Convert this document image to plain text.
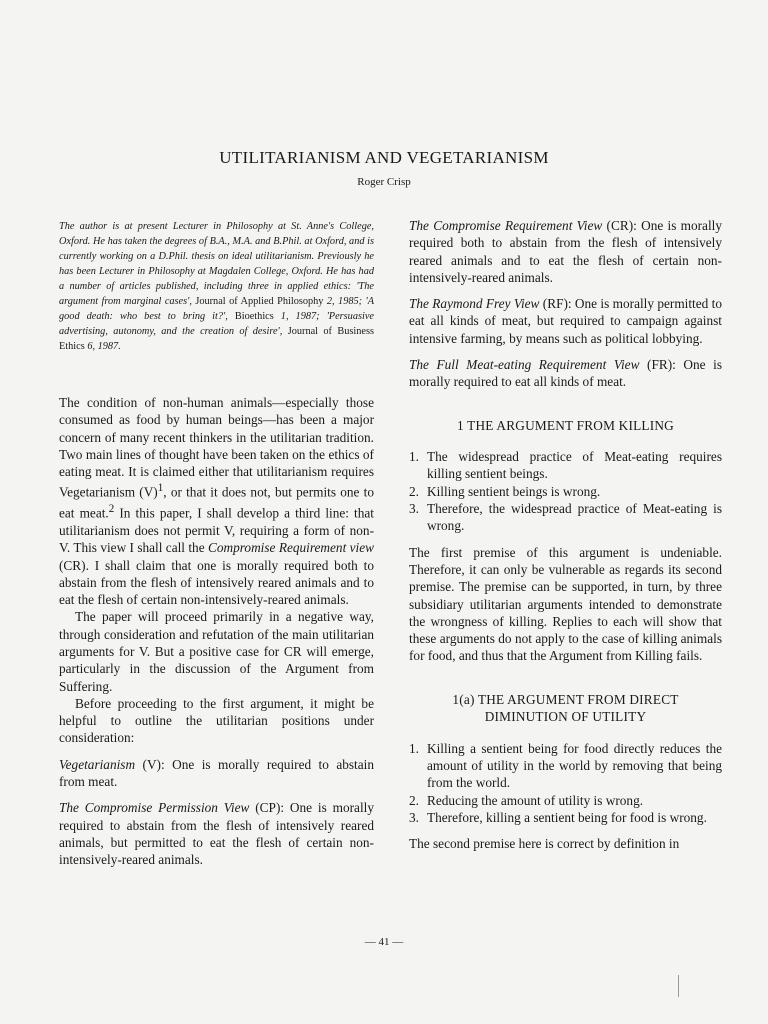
UTILITARIANISM AND VEGETARIANISM
Roger Crisp

The author is at present Lecturer in Philosophy at St. Anne's College, Oxford. He has taken the degrees of B.A., M.A. and B.Phil. at Oxford, and is currently working on a D.Phil. thesis on ideal utilitarianism. Previously he has been Lecturer in Philosophy at Magdalen College, Oxford. He has had a number of articles published, including three in applied ethics: 'The argument from marginal cases', Journal of Applied Philosophy 2, 1985; 'A good death: who best to bring it?', Bioethics 1, 1987; 'Persuasive advertising, autonomy, and the creation of desire', Journal of Business Ethics 6, 1987.

The condition of non-human animals—especially those consumed as food by human beings—has been a major concern of many recent thinkers in the utilitarian tradition. Two main lines of thought have been taken on the ethics of eating meat. It is claimed either that utilitarianism requires Vegetarianism $(V)^1$, or that it does not, but permits one to eat meat.$^2$ In this paper, I shall develop a third line: that utilitarianism does not permit V, requiring a form of non-V. This view I shall call the Compromise Requirement view (CR). I shall claim that one is morally required both to abstain from the flesh of intensively reared animals and to eat the flesh of certain non-intensively-reared animals.

The paper will proceed primarily in a negative way, through consideration and refutation of the main utilitarian arguments for V. But a positive case for CR will emerge, particularly in the discussion of the Argument from Suffering.

Before proceeding to the first argument, it might be helpful to outline the utilitarian positions under consideration:

Vegetarianism (V): One is morally required to abstain from meat.

The Compromise Permission View (CP): One is morally required to abstain from the flesh of intensively reared animals, but permitted to eat the flesh of certain non-intensively-reared animals.

The Compromise Requirement View (CR): One is morally required both to abstain from the flesh of intensively reared animals and to eat the flesh of certain non-intensively-reared animals.

The Raymond Frey View (RF): One is morally permitted to eat all kinds of meat, but required to campaign against intensive farming, by means such as political lobbying.

The Full Meat-eating Requirement View (FR): One is morally required to eat all kinds of meat.

1 THE ARGUMENT FROM KILLING

1. The widespread practice of Meat-eating requires killing sentient beings.
2. Killing sentient beings is wrong.
3. Therefore, the widespread practice of Meat-eating is wrong.

The first premise of this argument is undeniable. Therefore, it can only be vulnerable as regards its second premise. The premise can be supported, in turn, by three subsidiary utilitarian arguments intended to demonstrate the wrongness of killing. Replies to each will show that these arguments do not apply to the case of killing animals for food, and thus that the Argument from Killing fails.

1(a) THE ARGUMENT FROM DIRECT
DIMINUTION OF UTILITY

1. Killing a sentient being for food directly reduces the amount of utility in the world by removing that being from the world.
2. Reducing the amount of utility is wrong.
3. Therefore, killing a sentient being for food is wrong.

The second premise here is correct by definition in

— 41 —
